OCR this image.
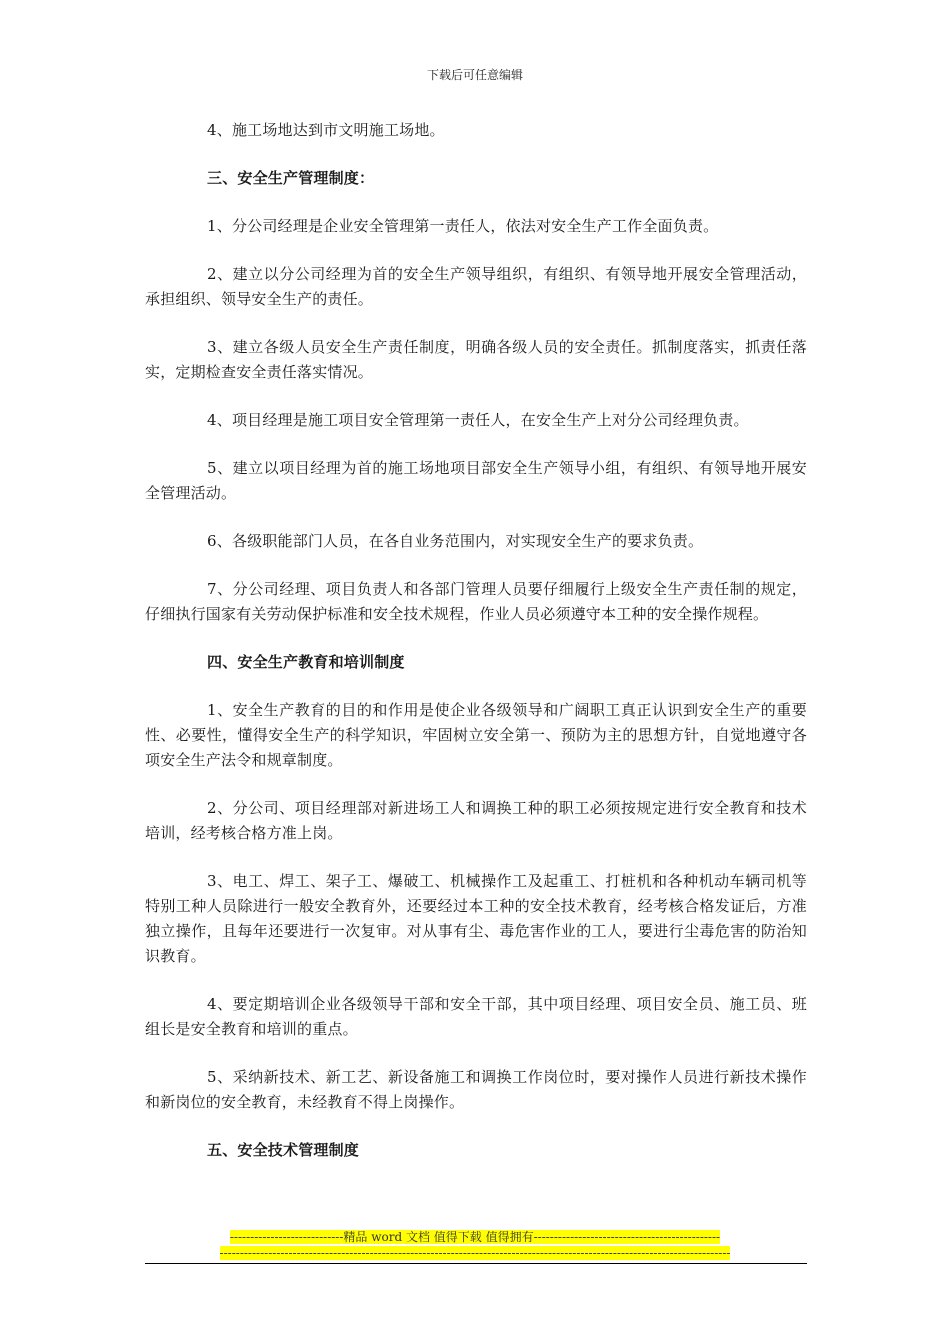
下载后可任意编辑

4、施工场地达到市文明施工场地。

三、安全生产管理制度：

1、分公司经理是企业安全管理第一责任人，依法对安全生产工作全面负责。

2、建立以分公司经理为首的安全生产领导组织，有组织、有领导地开展安全管理活动，承担组织、领导安全生产的责任。

3、建立各级人员安全生产责任制度，明确各级人员的安全责任。抓制度落实，抓责任落实，定期检查安全责任落实情况。

4、项目经理是施工项目安全管理第一责任人，在安全生产上对分公司经理负责。

5、建立以项目经理为首的施工场地项目部安全生产领导小组，有组织、有领导地开展安全管理活动。

6、各级职能部门人员，在各自业务范围内，对实现安全生产的要求负责。

7、分公司经理、项目负责人和各部门管理人员要仔细履行上级安全生产责任制的规定，仔细执行国家有关劳动保护标准和安全技术规程，作业人员必须遵守本工种的安全操作规程。

四、安全生产教育和培训制度

1、安全生产教育的目的和作用是使企业各级领导和广阔职工真正认识到安全生产的重要性、必要性，懂得安全生产的科学知识，牢固树立安全第一、预防为主的思想方针，自觉地遵守各项安全生产法令和规章制度。

2、分公司、项目经理部对新进场工人和调换工种的职工必须按规定进行安全教育和技术培训，经考核合格方准上岗。

3、电工、焊工、架子工、爆破工、机械操作工及起重工、打桩机和各种机动车辆司机等特别工种人员除进行一般安全教育外，还要经过本工种的安全技术教育，经考核合格发证后，方准独立操作，且每年还要进行一次复审。对从事有尘、毒危害作业的工人，要进行尘毒危害的防治知识教育。

4、要定期培训企业各级领导干部和安全干部，其中项目经理、项目安全员、施工员、班组长是安全教育和培训的重点。

5、采纳新技术、新工艺、新设备施工和调换工作岗位时，要对操作人员进行新技术操作和新岗位的安全教育，未经教育不得上岗操作。

五、安全技术管理制度

----------------------------精品 word 文档 值得下载 值得拥有----------------------------------------------
------------------------------------------------------------------------------------------------------------------------------
